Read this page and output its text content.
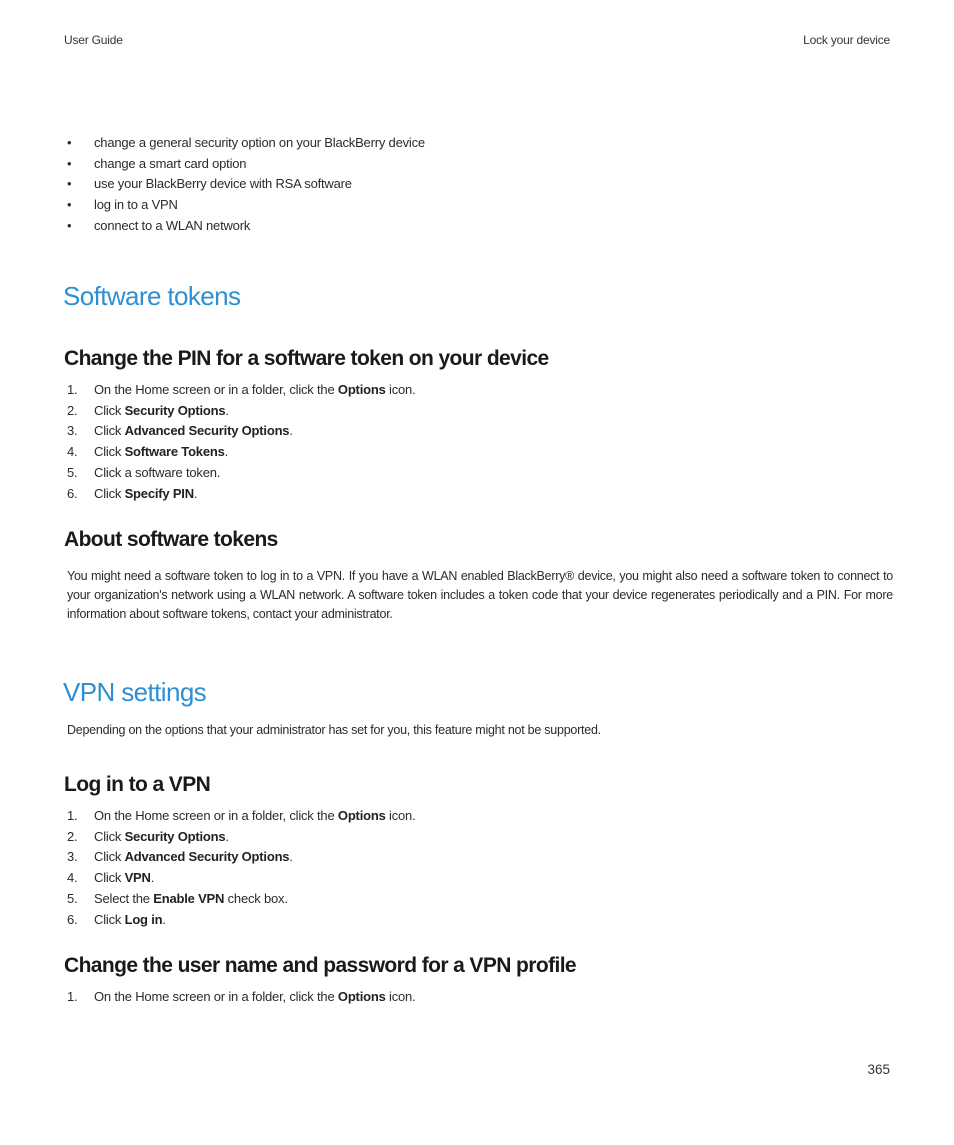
User Guide	Lock your device
• change a general security option on your BlackBerry device
• change a smart card option
• use your BlackBerry device with RSA software
• log in to a VPN
• connect to a WLAN network
Software tokens
Change the PIN for a software token on your device
1. On the Home screen or in a folder, click the Options icon.
2. Click Security Options.
3. Click Advanced Security Options.
4. Click Software Tokens.
5. Click a software token.
6. Click Specify PIN.
About software tokens

You might need a software token to log in to a VPN. If you have a WLAN enabled BlackBerry® device, you might also need a software token to connect to your organization's network using a WLAN network. A software token includes a token code that your device regenerates periodically and a PIN. For more information about software tokens, contact your administrator.

VPN settings

Depending on the options that your administrator has set for you, this feature might not be supported.

Log in to a VPN
1. On the Home screen or in a folder, click the Options icon.
2. Click Security Options.
3. Click Advanced Security Options.
4. Click VPN.
5. Select the Enable VPN check box.
6. Click Log in.
Change the user name and password for a VPN profile
1. On the Home screen or in a folder, click the Options icon.
365
